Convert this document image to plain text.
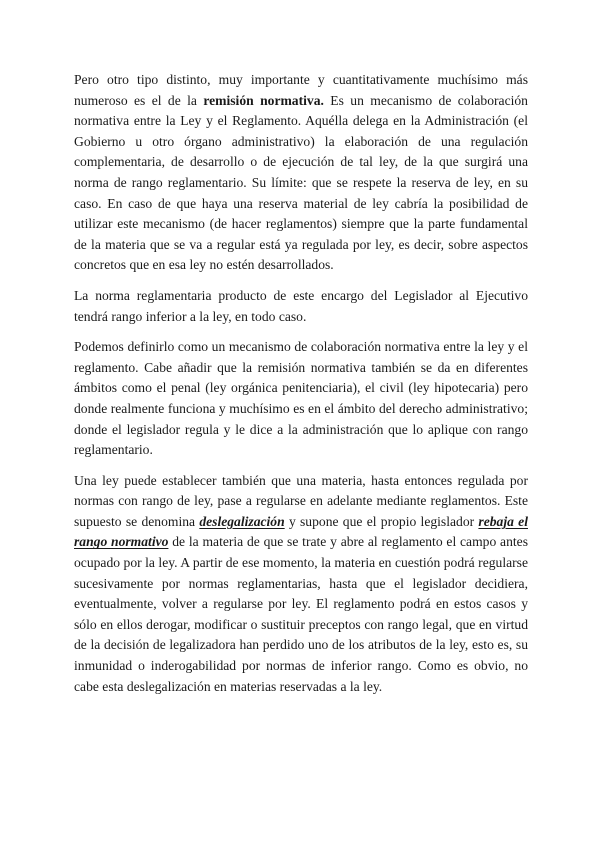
Pero otro tipo distinto, muy importante y cuantitativamente muchísimo más numeroso es el de la remisión normativa. Es un mecanismo de colaboración normativa entre la Ley y el Reglamento. Aquélla delega en la Administración (el Gobierno u otro órgano administrativo) la elaboración de una regulación complementaria, de desarrollo o de ejecución de tal ley, de la que surgirá una norma de rango reglamentario. Su límite: que se respete la reserva de ley, en su caso. En caso de que haya una reserva material de ley cabría la posibilidad de utilizar este mecanismo (de hacer reglamentos) siempre que la parte fundamental de la materia que se va a regular está ya regulada por ley, es decir, sobre aspectos concretos que en esa ley no estén desarrollados.

La norma reglamentaria producto de este encargo del Legislador al Ejecutivo tendrá rango inferior a la ley, en todo caso.

Podemos definirlo como un mecanismo de colaboración normativa entre la ley y el reglamento. Cabe añadir que la remisión normativa también se da en diferentes ámbitos como el penal (ley orgánica penitenciaria), el civil (ley hipotecaria) pero donde realmente funciona y muchísimo es en el ámbito del derecho administrativo; donde el legislador regula y le dice a la administración que lo aplique con rango reglamentario.

Una ley puede establecer también que una materia, hasta entonces regulada por normas con rango de ley, pase a regularse en adelante mediante reglamentos. Este supuesto se denomina deslegalización y supone que el propio legislador rebaja el rango normativo de la materia de que se trate y abre al reglamento el campo antes ocupado por la ley. A partir de ese momento, la materia en cuestión podrá regularse sucesivamente por normas reglamentarias, hasta que el legislador decidiera, eventualmente, volver a regularse por ley. El reglamento podrá en estos casos y sólo en ellos derogar, modificar o sustituir preceptos con rango legal, que en virtud de la decisión de legalizadora han perdido uno de los atributos de la ley, esto es, su inmunidad o inderogabilidad por normas de inferior rango. Como es obvio, no cabe esta deslegalización en materias reservadas a la ley.
